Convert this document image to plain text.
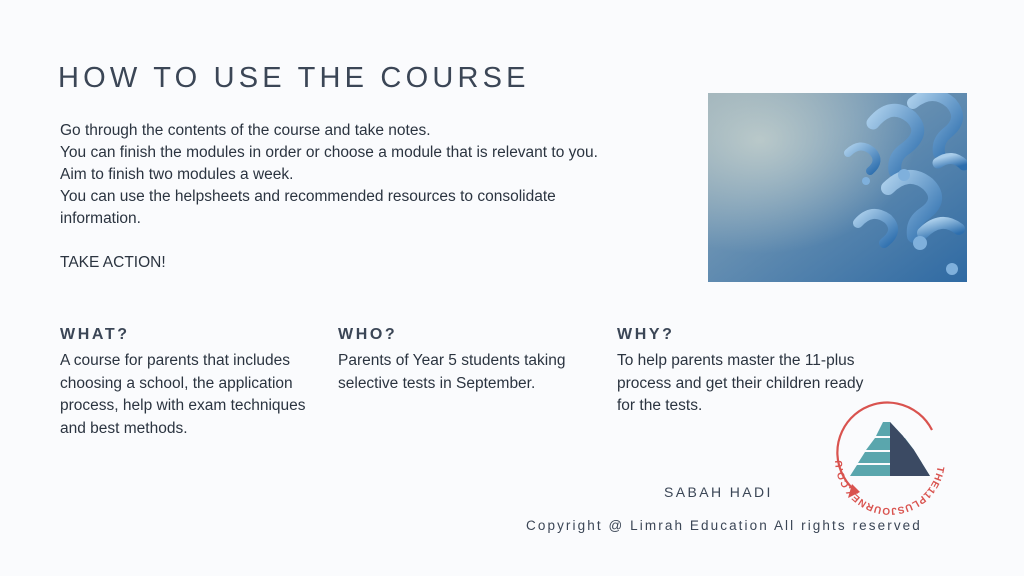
HOW TO USE THE COURSE

Go through the contents of the course and take notes.

You can finish the modules in order or choose a module that is relevant to you.

Aim to finish two modules a week.

You can use the helpsheets and recommended resources to consolidate information.

TAKE ACTION!

WHAT?

A course for parents that includes choosing a school, the application process, help with exam techniques and best methods.

WHO?

Parents of Year 5 students taking selective tests in September.

WHY?

To help parents master the 11-plus process and get their children ready for the tests.

SABAH HADI
Copyright @ Limrah Education All rights reserved
THE11PLUSJOURNEY.CO.U
